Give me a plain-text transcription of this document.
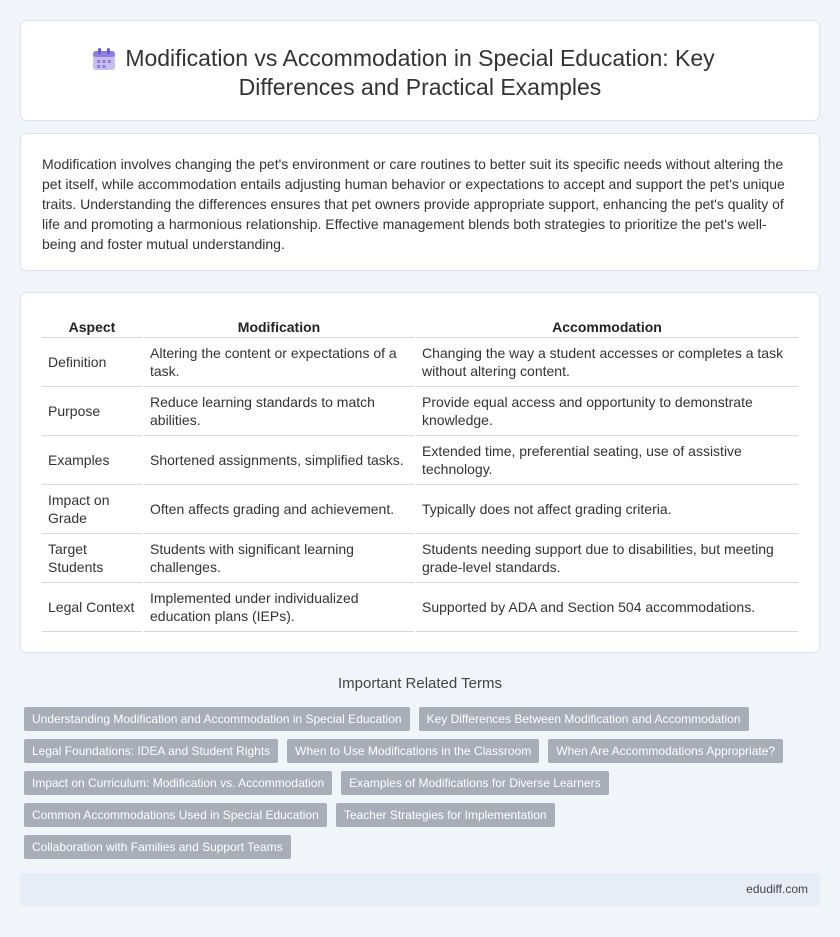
Modification vs Accommodation in Special Education: Key Differences and Practical Examples

Modification involves changing the pet's environment or care routines to better suit its specific needs without altering the pet itself, while accommodation entails adjusting human behavior or expectations to accept and support the pet's unique traits. Understanding the differences ensures that pet owners provide appropriate support, enhancing the pet's quality of life and promoting a harmonious relationship. Effective management blends both strategies to prioritize the pet's well-being and foster mutual understanding.

Aspect	Modification	Accommodation
Definition	Altering the content or expectations of a task.	Changing the way a student accesses or completes a task without altering content.
Purpose	Reduce learning standards to match abilities.	Provide equal access and opportunity to demonstrate knowledge.
Examples	Shortened assignments, simplified tasks.	Extended time, preferential seating, use of assistive technology.
Impact on Grade	Often affects grading and achievement.	Typically does not affect grading criteria.
Target Students	Students with significant learning challenges.	Students needing support due to disabilities, but meeting grade-level standards.
Legal Context	Implemented under individualized education plans (IEPs).	Supported by ADA and Section 504 accommodations.
Important Related Terms
Understanding Modification and Accommodation in Special Education	Key Differences Between Modification and Accommodation
Legal Foundations: IDEA and Student Rights	When to Use Modifications in the Classroom	When Are Accommodations Appropriate?
Impact on Curriculum: Modification vs. Accommodation	Examples of Modifications for Diverse Learners
Common Accommodations Used in Special Education	Teacher Strategies for Implementation
Collaboration with Families and Support Teams
edudiff.com
